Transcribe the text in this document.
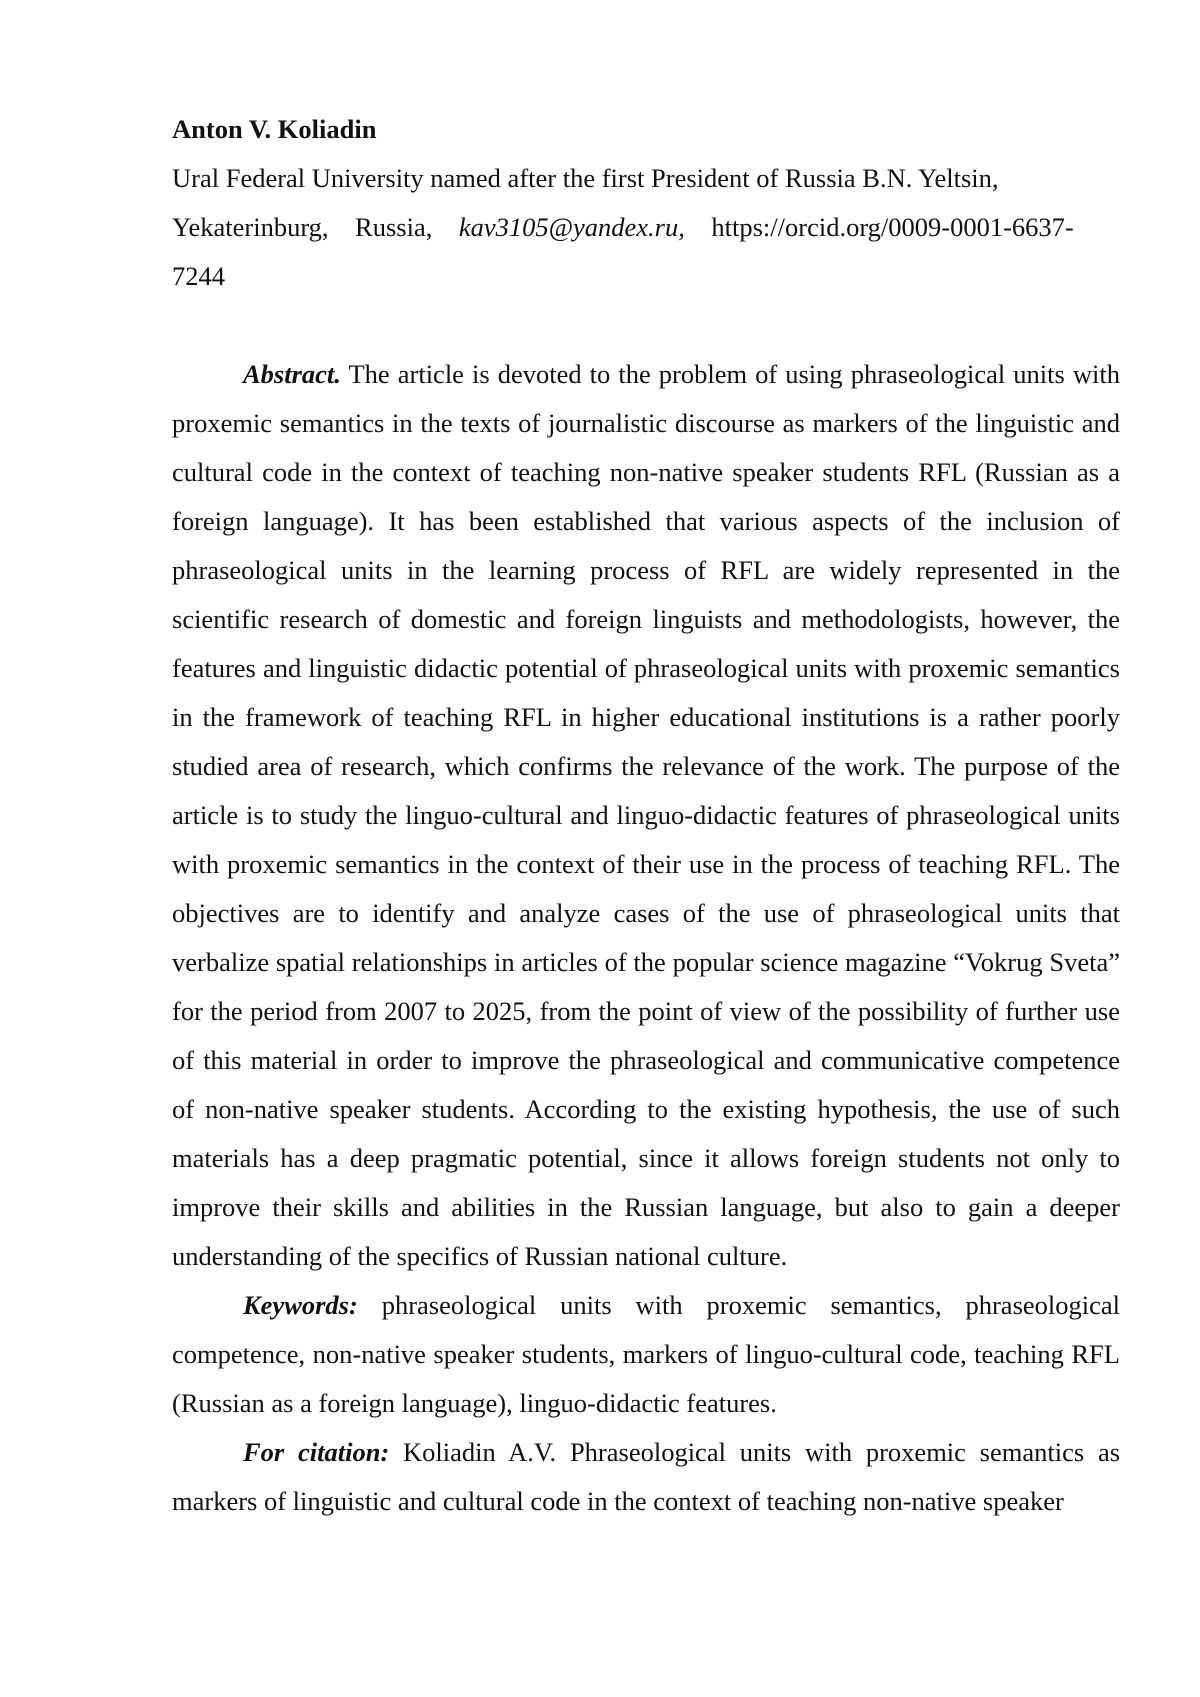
Anton V. Koliadin

Ural Federal University named after the first President of Russia B.N. Yeltsin,
Yekaterinburg, Russia, kav3105@yandex.ru, https://orcid.org/0009-0001-6637-
7244

Abstract. The article is devoted to the problem of using phraseological units with proxemic semantics in the texts of journalistic discourse as markers of the linguistic and cultural code in the context of teaching non-native speaker students RFL (Russian as a foreign language). It has been established that various aspects of the inclusion of phraseological units in the learning process of RFL are widely represented in the scientific research of domestic and foreign linguists and methodologists, however, the features and linguistic didactic potential of phraseological units with proxemic semantics in the framework of teaching RFL in higher educational institutions is a rather poorly studied area of research, which confirms the relevance of the work. The purpose of the article is to study the linguo-cultural and linguo-didactic features of phraseological units with proxemic semantics in the context of their use in the process of teaching RFL. The objectives are to identify and analyze cases of the use of phraseological units that verbalize spatial relationships in articles of the popular science magazine “Vokrug Sveta” for the period from 2007 to 2025, from the point of view of the possibility of further use of this material in order to improve the phraseological and communicative competence of non-native speaker students. According to the existing hypothesis, the use of such materials has a deep pragmatic potential, since it allows foreign students not only to improve their skills and abilities in the Russian language, but also to gain a deeper understanding of the specifics of Russian national culture.

Keywords: phraseological units with proxemic semantics, phraseological competence, non-native speaker students, markers of linguo-cultural code, teaching RFL (Russian as a foreign language), linguo-didactic features.

For citation: Koliadin A.V. Phraseological units with proxemic semantics as markers of linguistic and cultural code in the context of teaching non-native speaker
